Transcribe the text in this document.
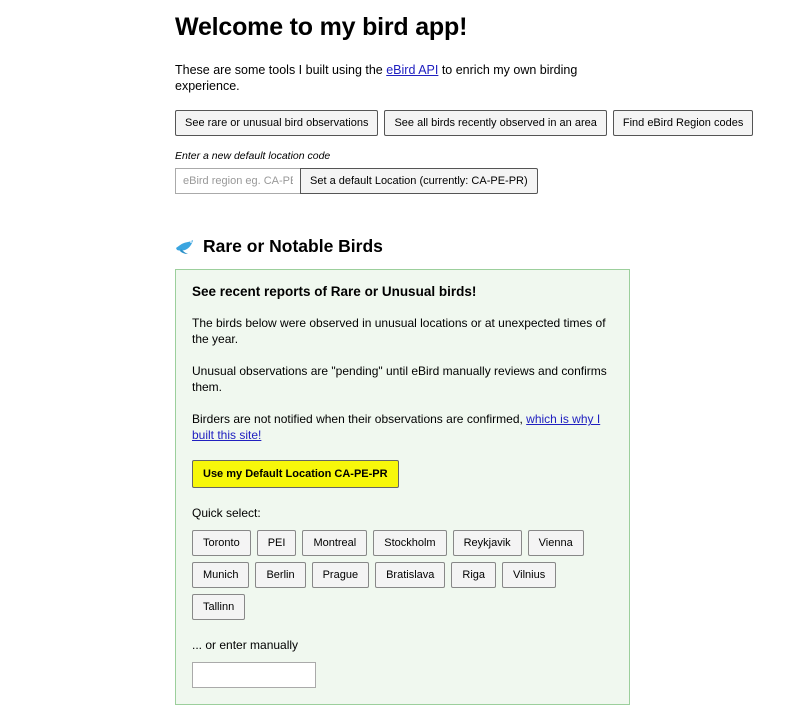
Welcome to my bird app!

These are some tools I built using the eBird API to enrich my own birding experience.

See rare or unusual bird observations	See all birds recently observed in an area	Find eBird Region codes
Enter a new default location code
eBird region eg. CA-PE-PR
Set a default Location (currently: CA-PE-PR)
Rare or Notable Birds
See recent reports of Rare or Unusual birds!

The birds below were observed in unusual locations or at unexpected times of the year.

Unusual observations are "pending" until eBird manually reviews and confirms them.

Birders are not notified when their observations are confirmed, which is why I built this site!

Use my Default Location CA-PE-PR
Quick select:
Toronto	PEI	Montreal	Stockholm	Reykjavik	Vienna
Munich	Berlin	Prague	Bratislava	Riga	Vilnius
Tallinn
... or enter manually
